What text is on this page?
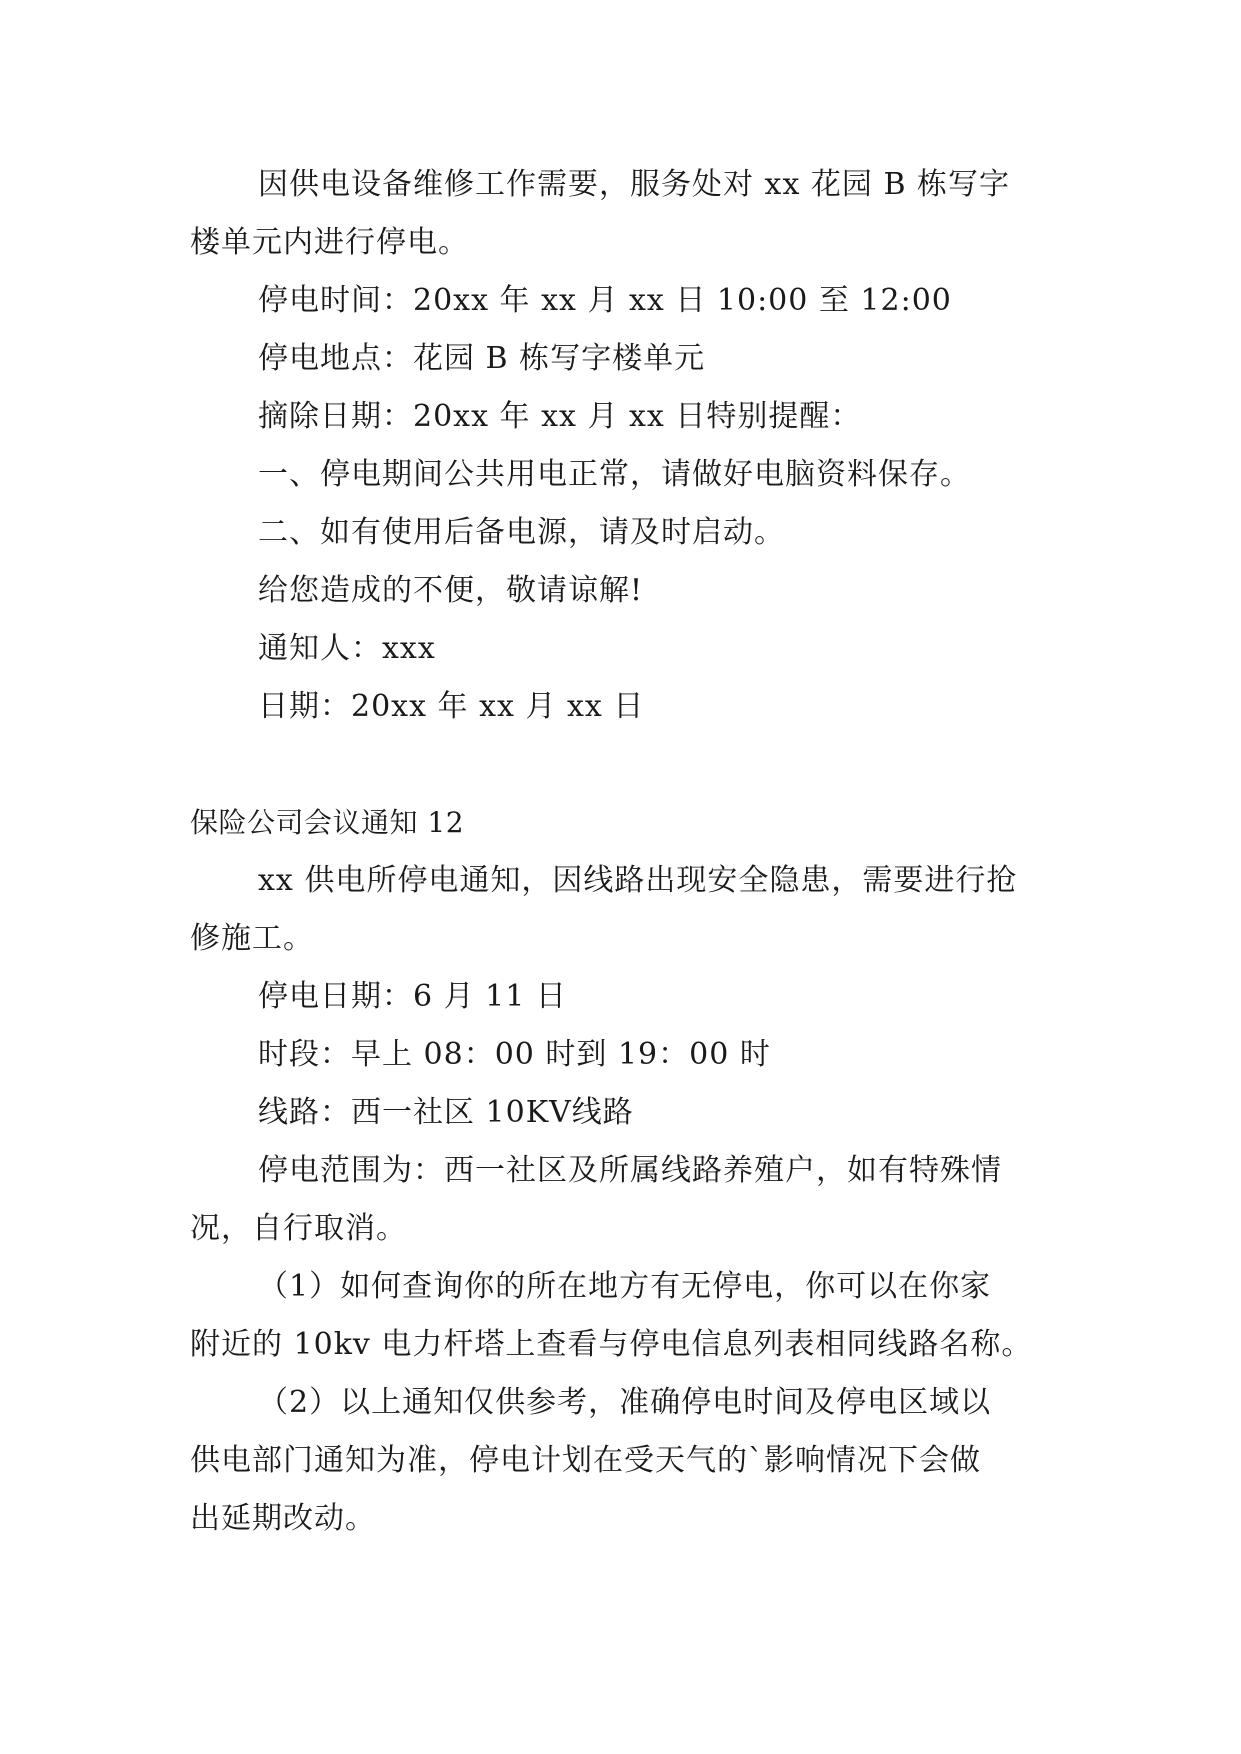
因供电设备维修工作需要，服务处对 xx 花园 B 栋写字
楼单元内进行停电。
停电时间：20xx 年 xx 月 xx 日 10:00 至 12:00
停电地点：花园 B 栋写字楼单元
摘除日期：20xx 年 xx 月 xx 日特别提醒：
一、停电期间公共用电正常，请做好电脑资料保存。
二、如有使用后备电源，请及时启动。
给您造成的不便，敬请谅解!
通知人：xxx
日期：20xx 年 xx 月 xx 日
保险公司会议通知 12
xx 供电所停电通知，因线路出现安全隐患，需要进行抢
修施工。
停电日期：6 月 11 日
时段：早上 08：00 时到 19：00 时
线路：西一社区 10KⅤ线路
停电范围为：西一社区及所属线路养殖户，如有特殊情
况，自行取消。
（1）如何查询你的所在地方有无停电，你可以在你家
附近的 10kv 电力杆塔上查看与停电信息列表相同线路名称。
（2）以上通知仅供参考，准确停电时间及停电区域以
供电部门通知为准，停电计划在受天气的`影响情况下会做
出延期改动。
